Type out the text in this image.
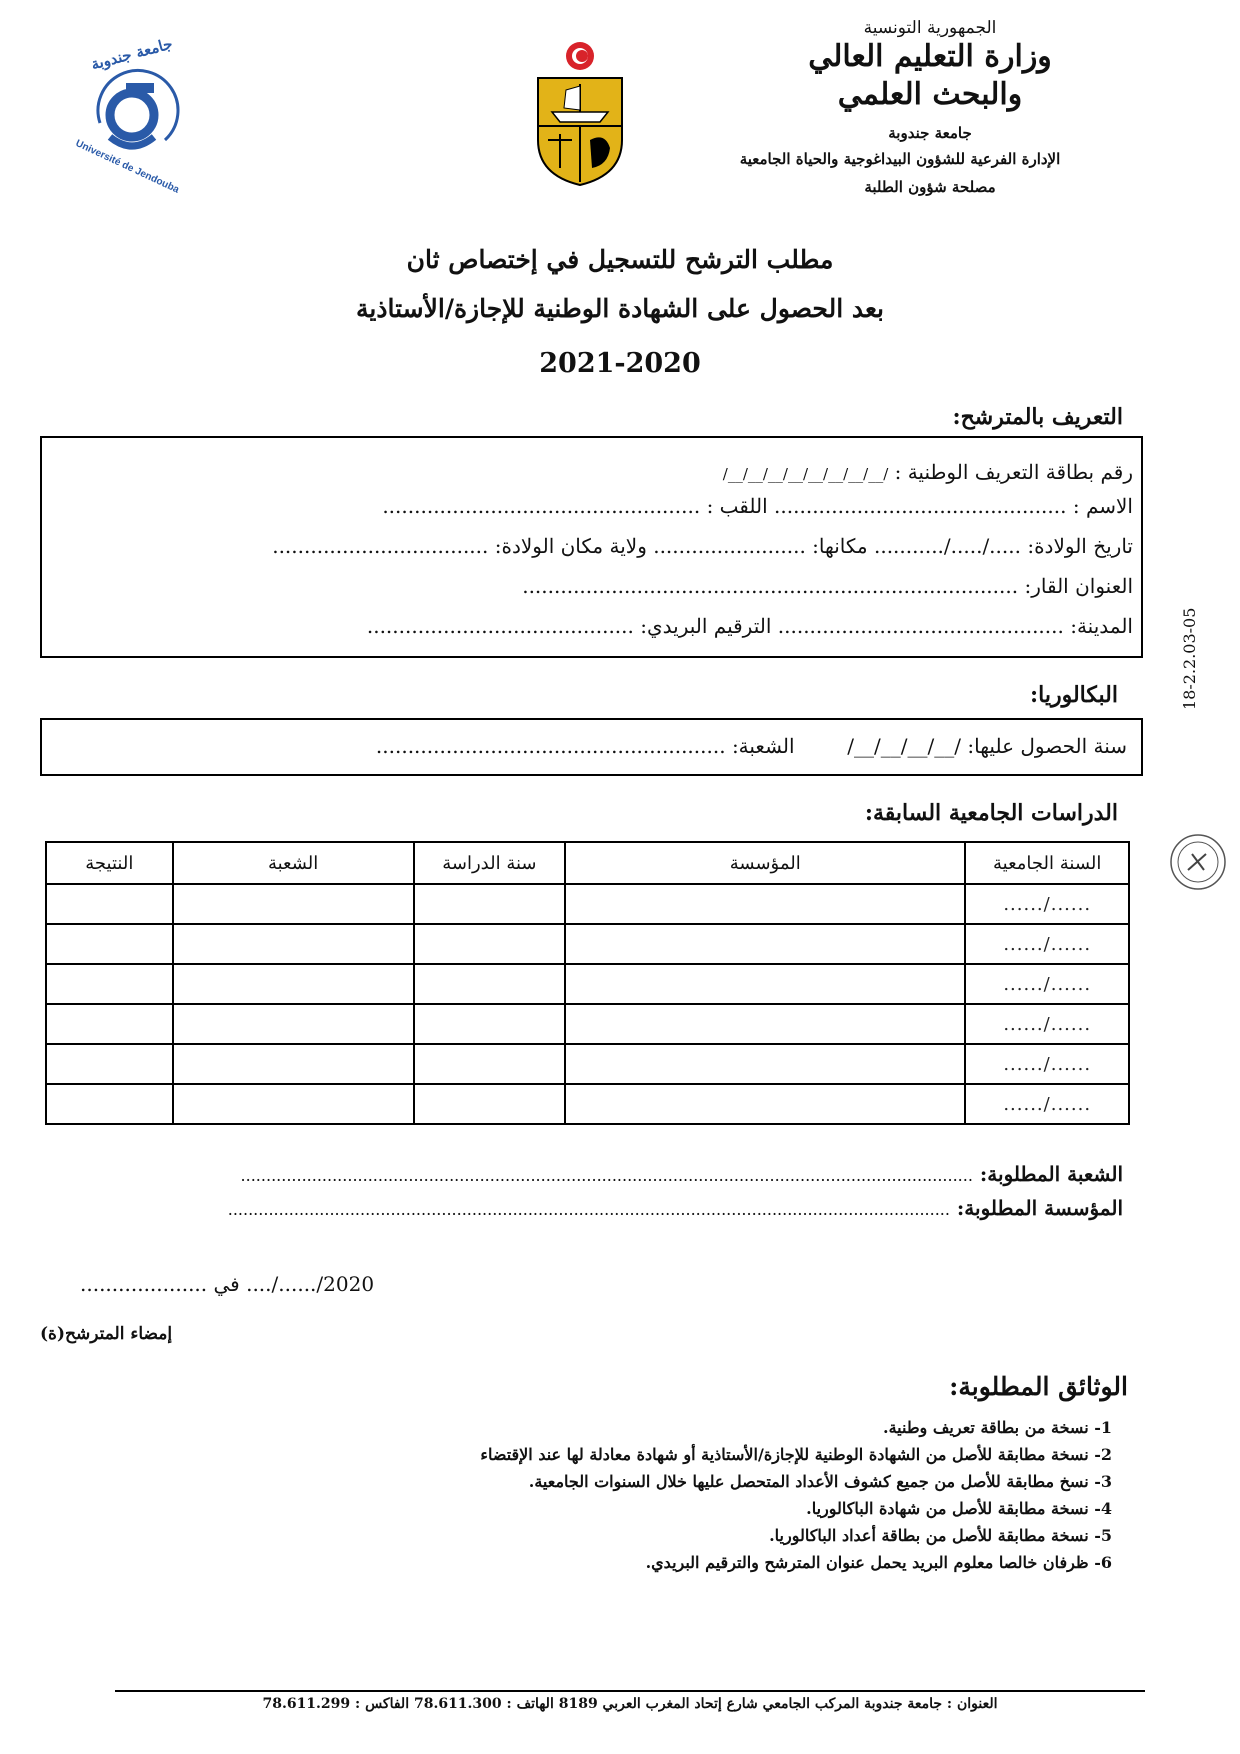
جامعة جندوبة
Université de Jendouba
الجمهورية التونسية
وزارة التعليم العالي
والبحث العلمي
جامعة جندوبة
الإدارة الفرعية للشؤون البيداغوجية والحياة الجامعية
مصلحة شؤون الطلبة
18-2.2.03-05
مطلب الترشح للتسجيل في إختصاص ثان
بعد الحصول على الشهادة الوطنية للإجازة/الأستاذية
2021-2020
التعريف بالمترشح:
رقم بطاقة التعريف الوطنية : /__/__/__/__/__/__/__/__/
الاسم : .............................................. اللقب : ..................................................
تاريخ الولادة: ...../...../........... مكانها: ........................ ولاية مكان الولادة: ..................................
العنوان القار: ..............................................................................
المدينة: ............................................. الترقيم البريدي: ..........................................
البكالوريا:
سنة الحصول عليها: /__/__/__/__/  الشعبة: .......................................................
الدراسات الجامعية السابقة:
السنة الجامعية	المؤسسة	سنة الدراسة	الشعبة	النتيجة
....../......				
....../......				
....../......				
....../......				
....../......				
....../......				
الشعبة المطلوبة: ................................................................................................................................................
المؤسسة المطلوبة: ..............................................................................................................................................
2020/....../.... في ....................
إمضاء المترشح(ة)
الوثائق المطلوبة:
1- نسخة من بطاقة تعريف وطنية.
2- نسخة مطابقة للأصل من الشهادة الوطنية للإجازة/الأستاذية أو شهادة معادلة لها عند الإقتضاء
3- نسخ مطابقة للأصل من جميع كشوف الأعداد المتحصل عليها خلال السنوات الجامعية.
4- نسخة مطابقة للأصل من شهادة الباكالوريا.
5- نسخة مطابقة للأصل من بطاقة أعداد الباكالوريا.
6- ظرفان خالصا معلوم البريد يحمل عنوان المترشح والترقيم البريدي.
العنوان : جامعة جندوبة المركب الجامعي شارع إتحاد المغرب العربي 8189 الهاتف : 78.611.300 الفاكس : 78.611.299
